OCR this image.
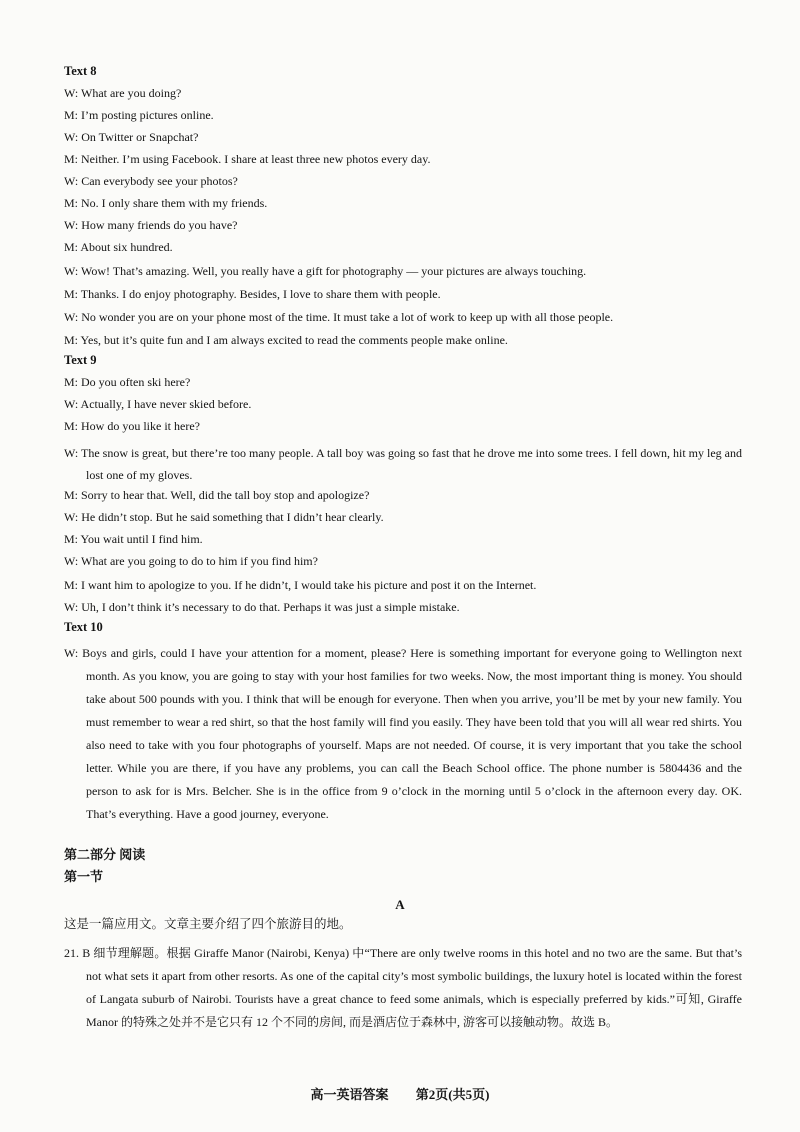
Text 8
W: What are you doing?
M: I’m posting pictures online.
W: On Twitter or Snapchat?
M: Neither. I’m using Facebook. I share at least three new photos every day.
W: Can everybody see your photos?
M: No. I only share them with my friends.
W: How many friends do you have?
M: About six hundred.
W: Wow! That’s amazing. Well, you really have a gift for photography — your pictures are always touching.
M: Thanks. I do enjoy photography. Besides, I love to share them with people.
W: No wonder you are on your phone most of the time. It must take a lot of work to keep up with all those people.
M: Yes, but it’s quite fun and I am always excited to read the comments people make online.
Text 9
M: Do you often ski here?
W: Actually, I have never skied before.
M: How do you like it here?
W: The snow is great, but there’re too many people. A tall boy was going so fast that he drove me into some trees. I fell down, hit my leg and lost one of my gloves.
M: Sorry to hear that. Well, did the tall boy stop and apologize?
W: He didn’t stop. But he said something that I didn’t hear clearly.
M: You wait until I find him.
W: What are you going to do to him if you find him?
M: I want him to apologize to you. If he didn’t, I would take his picture and post it on the Internet.
W: Uh, I don’t think it’s necessary to do that. Perhaps it was just a simple mistake.
Text 10
W: Boys and girls, could I have your attention for a moment, please? Here is something important for everyone going to Wellington next month. As you know, you are going to stay with your host families for two weeks. Now, the most important thing is money. You should take about 500 pounds with you. I think that will be enough for everyone. Then when you arrive, you’ll be met by your new family. You must remember to wear a red shirt, so that the host family will find you easily. They have been told that you will all wear red shirts. You also need to take with you four photographs of yourself. Maps are not needed. Of course, it is very important that you take the school letter. While you are there, if you have any problems, you can call the Beach School office. The phone number is 5804436 and the person to ask for is Mrs. Belcher. She is in the office from 9 o’clock in the morning until 5 o’clock in the afternoon every day. OK. That’s everything. Have a good journey, everyone.
第二部分 阅读
第一节
A
这是一篇应用文。文章主要介绍了四个旅游目的地。
21. B 细节理解题。根据 Giraffe Manor (Nairobi, Kenya) 中“There are only twelve rooms in this hotel and no two are the same. But that’s not what sets it apart from other resorts. As one of the capital city’s most symbolic buildings, the luxury hotel is located within the forest of Langata suburb of Nairobi. Tourists have a great chance to feed some animals, which is especially preferred by kids.”可知, Giraffe Manor 的特殊之处并不是它只有 12 个不同的房间, 而是酒店位于森林中, 游客可以接触动物。故选 B。
高一英语答案 第2页(共5页)
